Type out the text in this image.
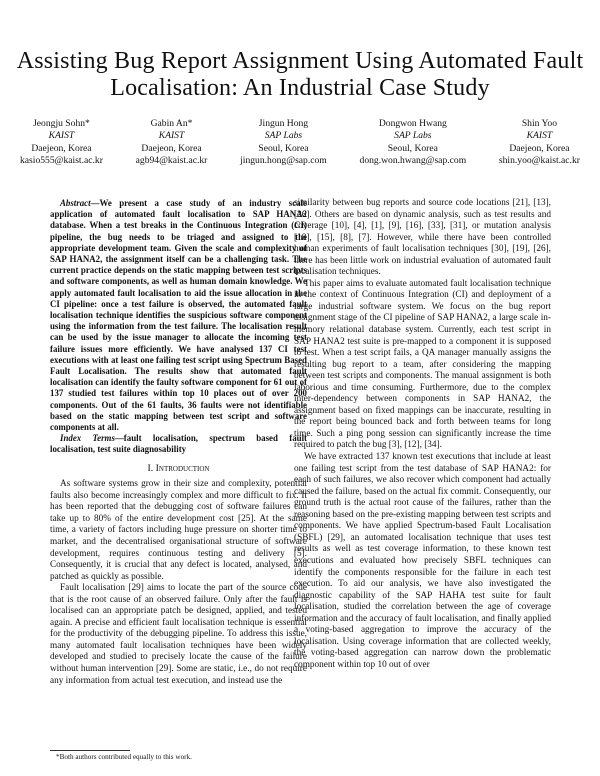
Assisting Bug Report Assignment Using Automated Fault Localisation: An Industrial Case Study
Jeongju Sohn*
KAIST
Daejeon, Korea
kasio555@kaist.ac.kr
Gabin An*
KAIST
Daejeon, Korea
agb94@kaist.ac.kr
Jingun Hong
SAP Labs
Seoul, Korea
jingun.hong@sap.com
Dongwon Hwang
SAP Labs
Seoul, Korea
dong.won.hwang@sap.com
Shin Yoo
KAIST
Daejeon, Korea
shin.yoo@kaist.ac.kr

Abstract—We present a case study of an industry scale application of automated fault localisation to SAP HANA2 database. When a test breaks in the Continuous Integration (CI) pipeline, the bug needs to be triaged and assigned to the appropriate development team. Given the scale and complexity of SAP HANA2, the assignment itself can be a challenging task. The current practice depends on the static mapping between test scripts and software components, as well as human domain knowledge. We apply automated fault localisation to aid the issue allocation in the CI pipeline: once a test failure is observed, the automated fault localisation technique identifies the suspicious software component using the information from the test failure. The localisation result can be used by the issue manager to allocate the incoming test failure issues more efficiently. We have analysed 137 CI test executions with at least one failing test script using Spectrum Based Fault Localisation. The results show that automated fault localisation can identify the faulty software component for 61 out of 137 studied test failures within top 10 places out of over 200 components. Out of the 61 faults, 36 faults were not identifiable based on the static mapping between test script and software components at all.

Index Terms—fault localisation, spectrum based fault localisation, test suite diagnosability

I. Introduction

As software systems grow in their size and complexity, potential faults also become increasingly complex and more difficult to fix. It has been reported that the debugging cost of software failures can take up to 80% of the entire development cost [25]. At the same time, a variety of factors including huge pressure on shorter time to market, and the decentralised organisational structure of software development, requires continuous testing and delivery [5]. Consequently, it is crucial that any defect is located, analysed, and patched as quickly as possible.

Fault localisation [29] aims to locate the part of the source code that is the root cause of an observed failure. Only after the fault is localised can an appropriate patch be designed, applied, and tested again. A precise and efficient fault localisation technique is essential for the productivity of the debugging pipeline. To address this issue, many automated fault localisation techniques have been widely developed and studied to precisely locate the cause of the failure without human intervention [29]. Some are static, i.e., do not require any information from actual test execution, and instead use the

similarity between bug reports and source code locations [21], [13], [26]. Others are based on dynamic analysis, such as test results and coverage [10], [4], [1], [9], [16], [33], [31], or mutation analysis [18], [15], [8], [7]. However, while there have been controlled human experiments of fault localisation techniques [30], [19], [26], there has been little work on industrial evaluation of automated fault localisation techniques.

This paper aims to evaluate automated fault localisation technique in the context of Continuous Integration (CI) and deployment of a large industrial software system. We focus on the bug report assignment stage of the CI pipeline of SAP HANA2, a large scale in-memory relational database system. Currently, each test script in SAP HANA2 test suite is pre-mapped to a component it is supposed to test. When a test script fails, a QA manager manually assigns the resulting bug report to a team, after considering the mapping between test scripts and components. The manual assignment is both laborious and time consuming. Furthermore, due to the complex inter-dependency between components in SAP HANA2, the assignment based on fixed mappings can be inaccurate, resulting in the report being bounced back and forth between teams for long time. Such a ping pong session can significantly increase the time required to patch the bug [3], [12], [34].

We have extracted 137 known test executions that include at least one failing test script from the test database of SAP HANA2: for each of such failures, we also recover which component had actually caused the failure, based on the actual fix commit. Consequently, our ground truth is the actual root cause of the failures, rather than the reasoning based on the pre-existing mapping between test scripts and components. We have applied Spectrum-based Fault Localisation (SBFL) [29], an automated localisation technique that uses test results as well as test coverage information, to these known test executions and evaluated how precisely SBFL techniques can identify the components responsible for the failure in each test execution. To aid our analysis, we have also investigated the diagnostic capability of the SAP HAHA test suite for fault localisation, studied the correlation between the age of coverage information and the accuracy of fault localisation, and finally applied a voting-based aggregation to improve the accuracy of the localisation. Using coverage information that are collected weekly, the voting-based aggregation can narrow down the problematic component within top 10 out of over

*Both authors contributed equally to this work.
